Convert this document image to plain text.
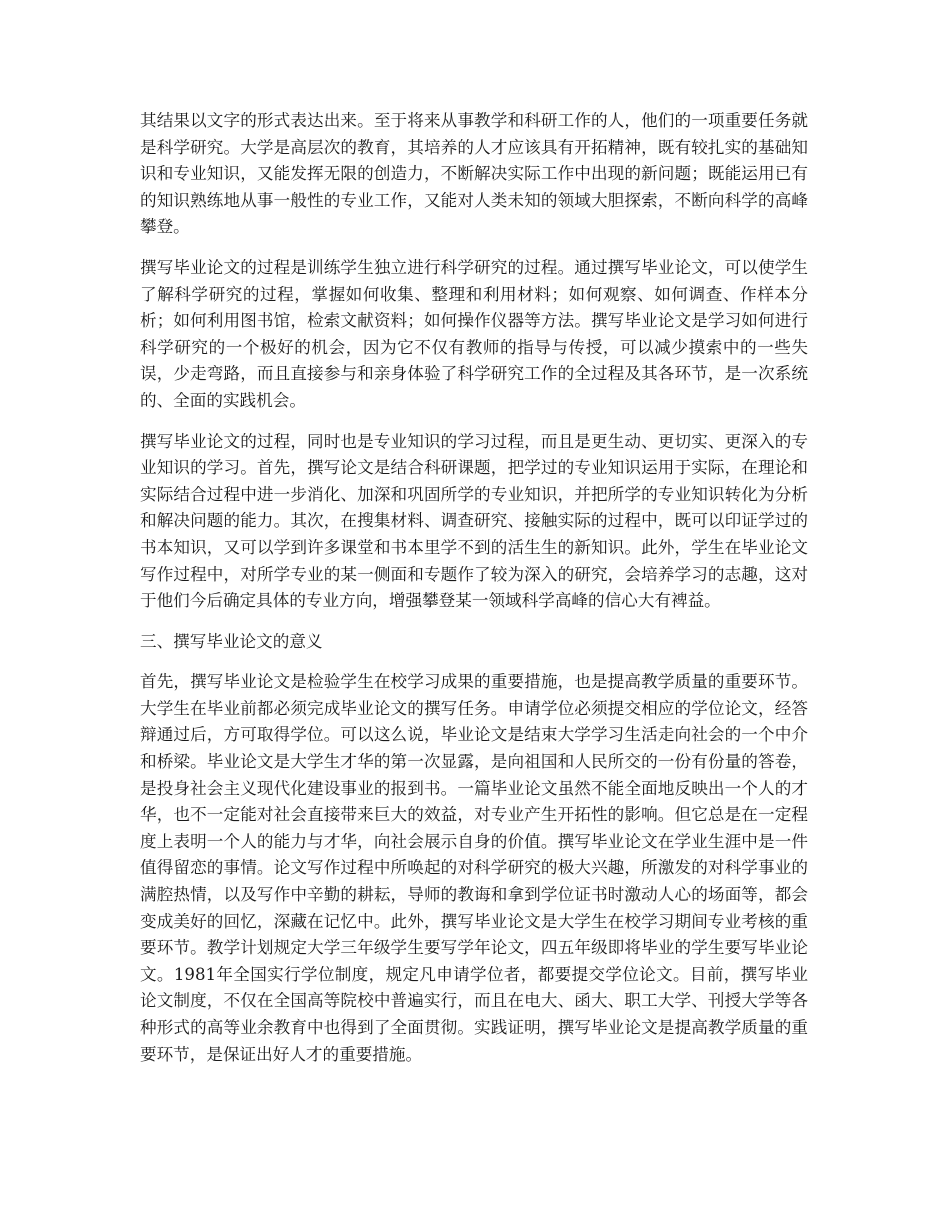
其结果以文字的形式表达出来。至于将来从事教学和科研工作的人，他们的一项重要任务就是科学研究。大学是高层次的教育，其培养的人才应该具有开拓精神，既有较扎实的基础知识和专业知识，又能发挥无限的创造力，不断解决实际工作中出现的新问题；既能运用已有的知识熟练地从事一般性的专业工作，又能对人类未知的领域大胆探索，不断向科学的高峰攀登。

撰写毕业论文的过程是训练学生独立进行科学研究的过程。通过撰写毕业论文，可以使学生了解科学研究的过程，掌握如何收集、整理和利用材料；如何观察、如何调查、作样本分析；如何利用图书馆，检索文献资料；如何操作仪器等方法。撰写毕业论文是学习如何进行科学研究的一个极好的机会，因为它不仅有教师的指导与传授，可以减少摸索中的一些失误，少走弯路，而且直接参与和亲身体验了科学研究工作的全过程及其各环节，是一次系统的、全面的实践机会。

撰写毕业论文的过程，同时也是专业知识的学习过程，而且是更生动、更切实、更深入的专业知识的学习。首先，撰写论文是结合科研课题，把学过的专业知识运用于实际，在理论和实际结合过程中进一步消化、加深和巩固所学的专业知识，并把所学的专业知识转化为分析和解决问题的能力。其次，在搜集材料、调查研究、接触实际的过程中，既可以印证学过的书本知识，又可以学到许多课堂和书本里学不到的活生生的新知识。此外，学生在毕业论文写作过程中，对所学专业的某一侧面和专题作了较为深入的研究，会培养学习的志趣，这对于他们今后确定具体的专业方向，增强攀登某一领域科学高峰的信心大有裨益。

三、撰写毕业论文的意义

首先，撰写毕业论文是检验学生在校学习成果的重要措施，也是提高教学质量的重要环节。大学生在毕业前都必须完成毕业论文的撰写任务。申请学位必须提交相应的学位论文，经答辩通过后，方可取得学位。可以这么说，毕业论文是结束大学学习生活走向社会的一个中介和桥梁。毕业论文是大学生才华的第一次显露，是向祖国和人民所交的一份有份量的答卷，是投身社会主义现代化建设事业的报到书。一篇毕业论文虽然不能全面地反映出一个人的才华，也不一定能对社会直接带来巨大的效益，对专业产生开拓性的影响。但它总是在一定程度上表明一个人的能力与才华，向社会展示自身的价值。撰写毕业论文在学业生涯中是一件值得留恋的事情。论文写作过程中所唤起的对科学研究的极大兴趣，所激发的对科学事业的满腔热情，以及写作中辛勤的耕耘，导师的教诲和拿到学位证书时激动人心的场面等，都会变成美好的回忆，深藏在记忆中。此外，撰写毕业论文是大学生在校学习期间专业考核的重要环节。教学计划规定大学三年级学生要写学年论文，四五年级即将毕业的学生要写毕业论文。1981年全国实行学位制度，规定凡申请学位者，都要提交学位论文。目前，撰写毕业论文制度，不仅在全国高等院校中普遍实行，而且在电大、函大、职工大学、刊授大学等各种形式的高等业余教育中也得到了全面贯彻。实践证明，撰写毕业论文是提高教学质量的重要环节，是保证出好人才的重要措施。
